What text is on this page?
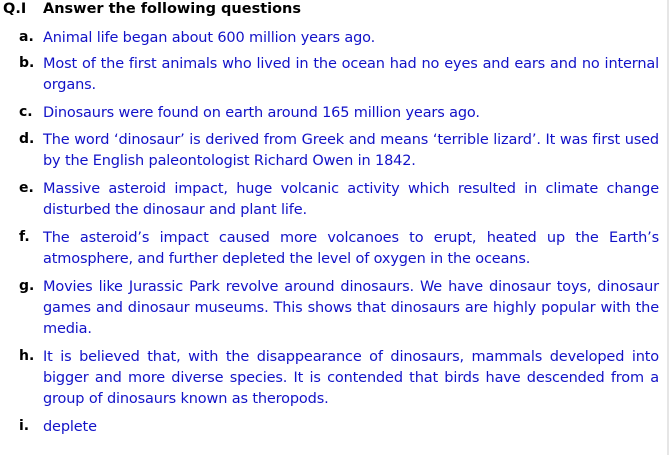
Q.I	Answer the following questions
a. Animal life began about 600 million years ago.
b. Most of the first animals who lived in the ocean had no eyes and ears and no internal organs.
c. Dinosaurs were found on earth around 165 million years ago.
d. The word ‘dinosaur’ is derived from Greek and means ‘terrible lizard’. It was first used by the English paleontologist Richard Owen in 1842.
e. Massive asteroid impact, huge volcanic activity which resulted in climate change disturbed the dinosaur and plant life.
f. The asteroid’s impact caused more volcanoes to erupt, heated up the Earth’s atmosphere, and further depleted the level of oxygen in the oceans.
g. Movies like Jurassic Park revolve around dinosaurs. We have dinosaur toys, dinosaur games and dinosaur museums. This shows that dinosaurs are highly popular with the media.
h. It is believed that, with the disappearance of dinosaurs, mammals developed into bigger and more diverse species. It is contended that birds have descended from a group of dinosaurs known as theropods.
i. deplete
